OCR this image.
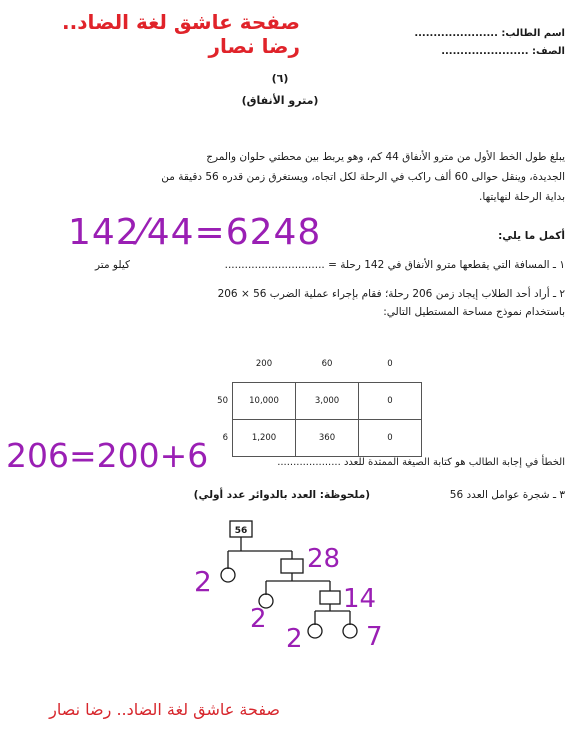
صفحة عاشق لغة الضاد.. رضا نصار
اسم الطالب: ......................
الصف: .......................
(٦)
(مترو الأنفاق)
يبلغ طول الخط الأول من مترو الأنفاق 44 كم، وهو يربط بين محطتي حلوان والمرج
الجديدة، وينقل حوالى 60 ألف راكب في الرحلة لكل اتجاه، ويستغرق زمن قدره 56 دقيقة من
بداية الرحلة لنهايتها.
أكمل ما يلي:
142⁄44=6248
١ ـ المسافة التي يقطعها مترو الأنفاق في 142 رحلة = ..............................
كيلو متر
٢ ـ أراد أحد الطلاب إيجاد زمن 206 رحلة؛ فقام بإجراء عملية الضرب 56 × 206
باستخدام نموذج مساحة المستطيل التالي:
	200	60	0
50	10,000	3,000	0
6	1,200	360	0
206=200+6	الخطأ في إجابة الطالب هو كتابة الصيغة الممتدة للعدد ....................
٣ ـ شجرة عوامل العدد 56
(ملحوظة: العدد بالدوائر عدد أولي)
56
2
28
2
14
2 7
صفحة عاشق لغة الضاد.. رضا نصار
